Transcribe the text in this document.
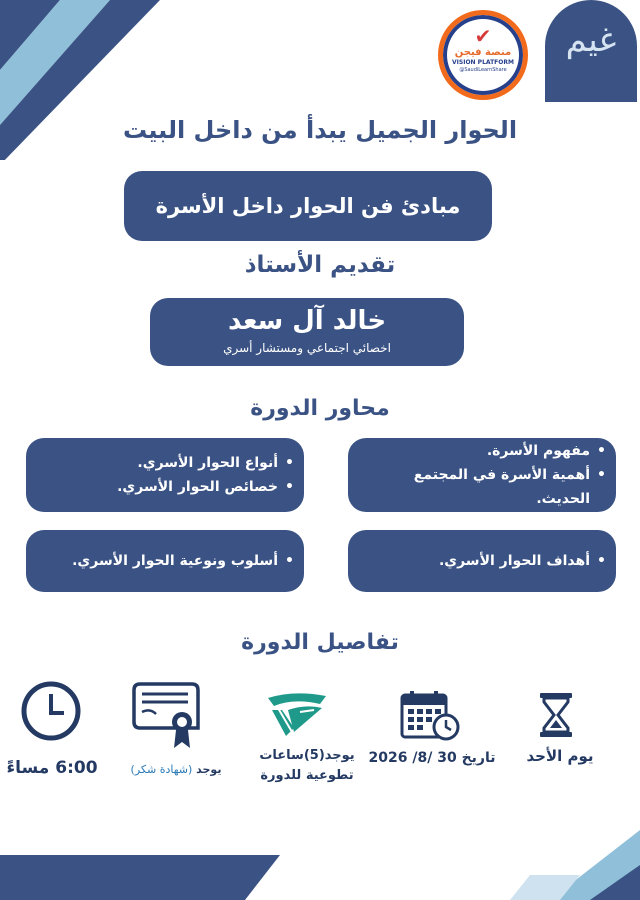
✔
منصة فيجن
VISION PLATFORM
@SaudiLearnShare
غيم
الحوار الجميل يبدأ من داخل البيت
مبادئ فن الحوار داخل الأسرة
تقديم الأستاذ
خالد آل سعد
اخصائي اجتماعي ومستشار أسري
محاور الدورة
• مفهوم الأسرة.
• أهمية الأسرة في المجتمع الحديث.
• أنواع الحوار الأسري.
• خصائص الحوار الأسري.
• أهداف الحوار الأسري.
• أسلوب ونوعية الحوار الأسري.
تفاصيل الدورة
يوم الأحد
تاريخ 30 /8/ 2026
يوجد(5)ساعات تطوعية للدورة
يوجد (شهادة شكر)
6:00 مساءً
